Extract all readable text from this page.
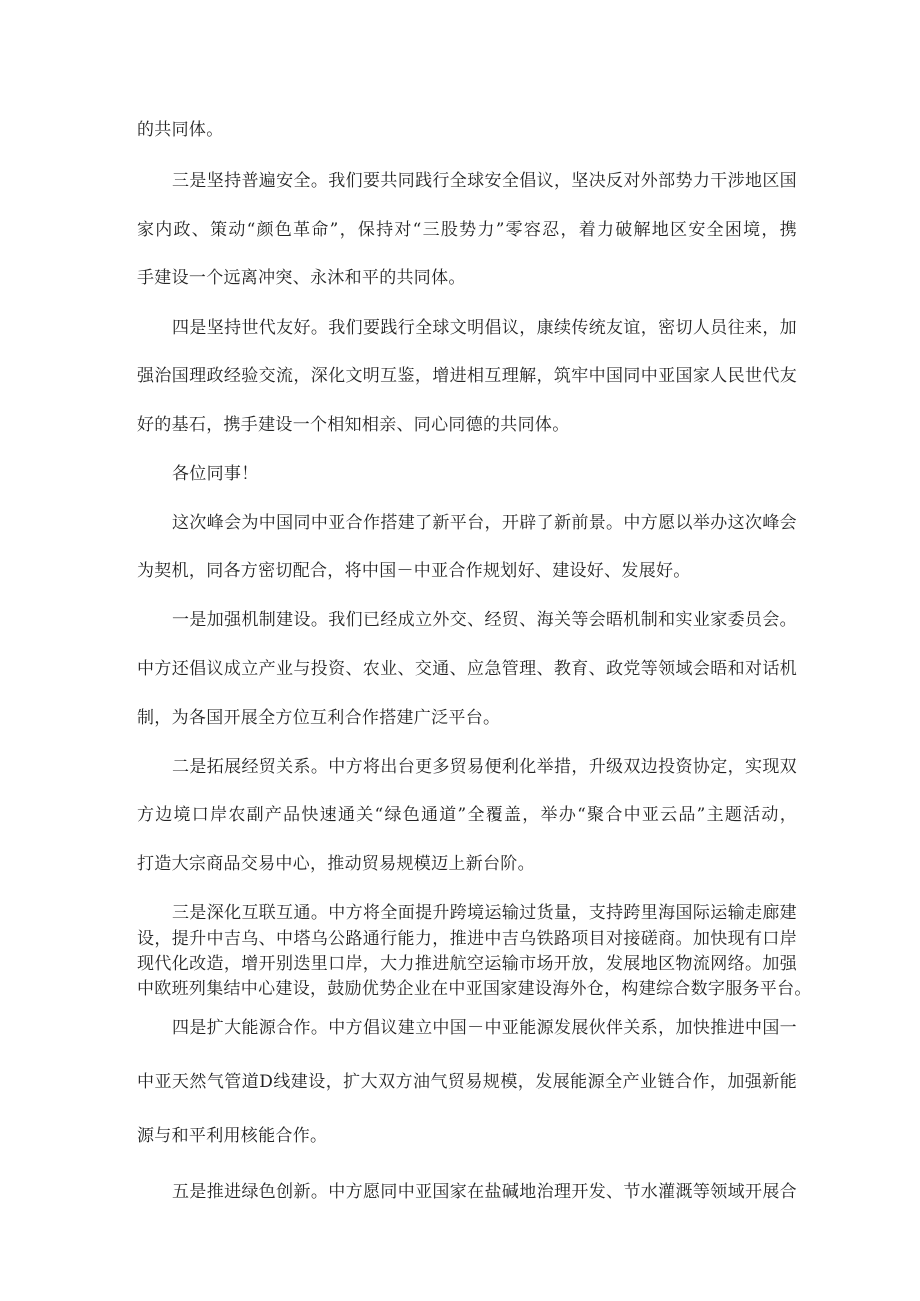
的共同体。
三是坚持普遍安全。我们要共同践行全球安全倡议，坚决反对外部势力干涉地区国
家内政、策动“颜色革命”，保持对“三股势力”零容忍，着力破解地区安全困境，携
手建设一个远离冲突、永沐和平的共同体。
四是坚持世代友好。我们要践行全球文明倡议，康续传统友谊，密切人员往来，加
强治国理政经验交流，深化文明互鉴，增进相互理解，筑牢中国同中亚国家人民世代友
好的基石，携手建设一个相知相亲、同心同德的共同体。
各位同事！
这次峰会为中国同中亚合作搭建了新平台，开辟了新前景。中方愿以举办这次峰会
为契机，同各方密切配合，将中国－中亚合作规划好、建设好、发展好。
一是加强机制建设。我们已经成立外交、经贸、海关等会晤机制和实业家委员会。
中方还倡议成立产业与投资、农业、交通、应急管理、教育、政党等领域会晤和对话机
制，为各国开展全方位互利合作搭建广泛平台。
二是拓展经贸关系。中方将出台更多贸易便利化举措，升级双边投资协定，实现双
方边境口岸农副产品快速通关“绿色通道”全覆盖，举办“聚合中亚云品”主题活动，
打造大宗商品交易中心，推动贸易规模迈上新台阶。
三是深化互联互通。中方将全面提升跨境运输过货量，支持跨里海国际运输走廊建
设，提升中吉乌、中塔乌公路通行能力，推进中吉乌铁路项目对接磋商。加快现有口岸
现代化改造，增开别迭里口岸，大力推进航空运输市场开放，发展地区物流网络。加强
中欧班列集结中心建设，鼓励优势企业在中亚国家建设海外仓，构建综合数字服务平台。
四是扩大能源合作。中方倡议建立中国－中亚能源发展伙伴关系，加快推进中国一
中亚天然气管道D线建设，扩大双方油气贸易规模，发展能源全产业链合作，加强新能
源与和平利用核能合作。
五是推进绿色创新。中方愿同中亚国家在盐碱地治理开发、节水灌溉等领域开展合
